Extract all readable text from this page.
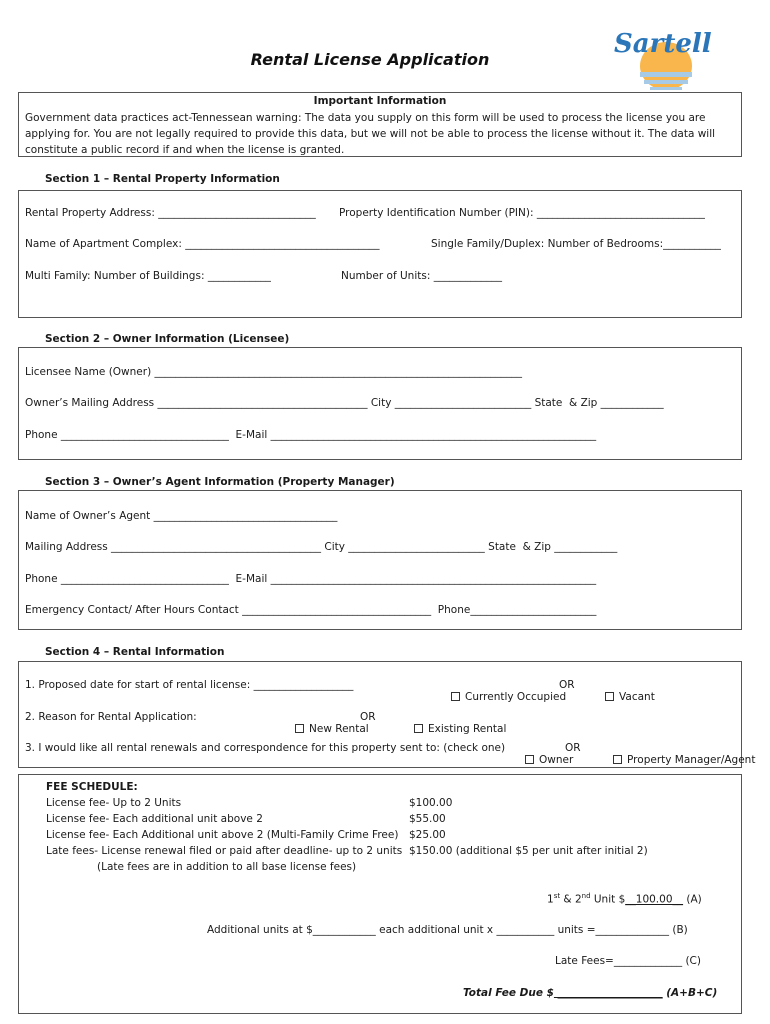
Sartell
Rental License Application
Important Information
Government data practices act-Tennessean warning: The data you supply on this form will be used to process the license you are applying for. You are not legally required to provide this data, but we will not be able to process the license without it. The data will constitute a public record if and when the license is granted.
Section 1 – Rental Property Information
Rental Property Address: ______________________________ Property Identification Number (PIN): ________________________________
Name of Apartment Complex: _____________________________________	Single Family/Duplex: Number of Bedrooms:___________
Multi Family: Number of Buildings: ____________	Number of Units: _____________
Section 2 – Owner Information (Licensee)
Licensee Name (Owner) ______________________________________________________________________
Owner’s Mailing Address ________________________________________ City __________________________ State  & Zip ____________
Phone ________________________________  E-Mail ______________________________________________________________
Section 3 – Owner’s Agent Information (Property Manager)
Name of Owner’s Agent ___________________________________
Mailing Address ________________________________________ City __________________________ State  & Zip ____________
Phone ________________________________  E-Mail ______________________________________________________________
Emergency Contact/ After Hours Contact ____________________________________  Phone________________________
Section 4 – Rental Information
1. Proposed date for start of rental license: ___________________

Currently Occupied

OR

Vacant

2. Reason for Rental Application:

New Rental

OR

Existing Rental

3. I would like all rental renewals and correspondence for this property sent to: (check one)

Owner

OR

Property Manager/Agent

FEE SCHEDULE:
License fee- Up to 2 Units	$100.00
License fee- Each additional unit above 2	$55.00
License fee- Each Additional unit above 2 (Multi-Family Crime Free) $25.00
Late fees- License renewal filed or paid after deadline- up to 2 units $150.00 (additional $5 per unit after initial 2)
(Late fees are in addition to all base license fees)
1st & 2nd Unit $__100.00__ (A)
Additional units at $____________ each additional unit x ___________ units =______________ (B)
Late Fees=_____________ (C)
Total Fee Due $ ____________________ (A+B+C)
